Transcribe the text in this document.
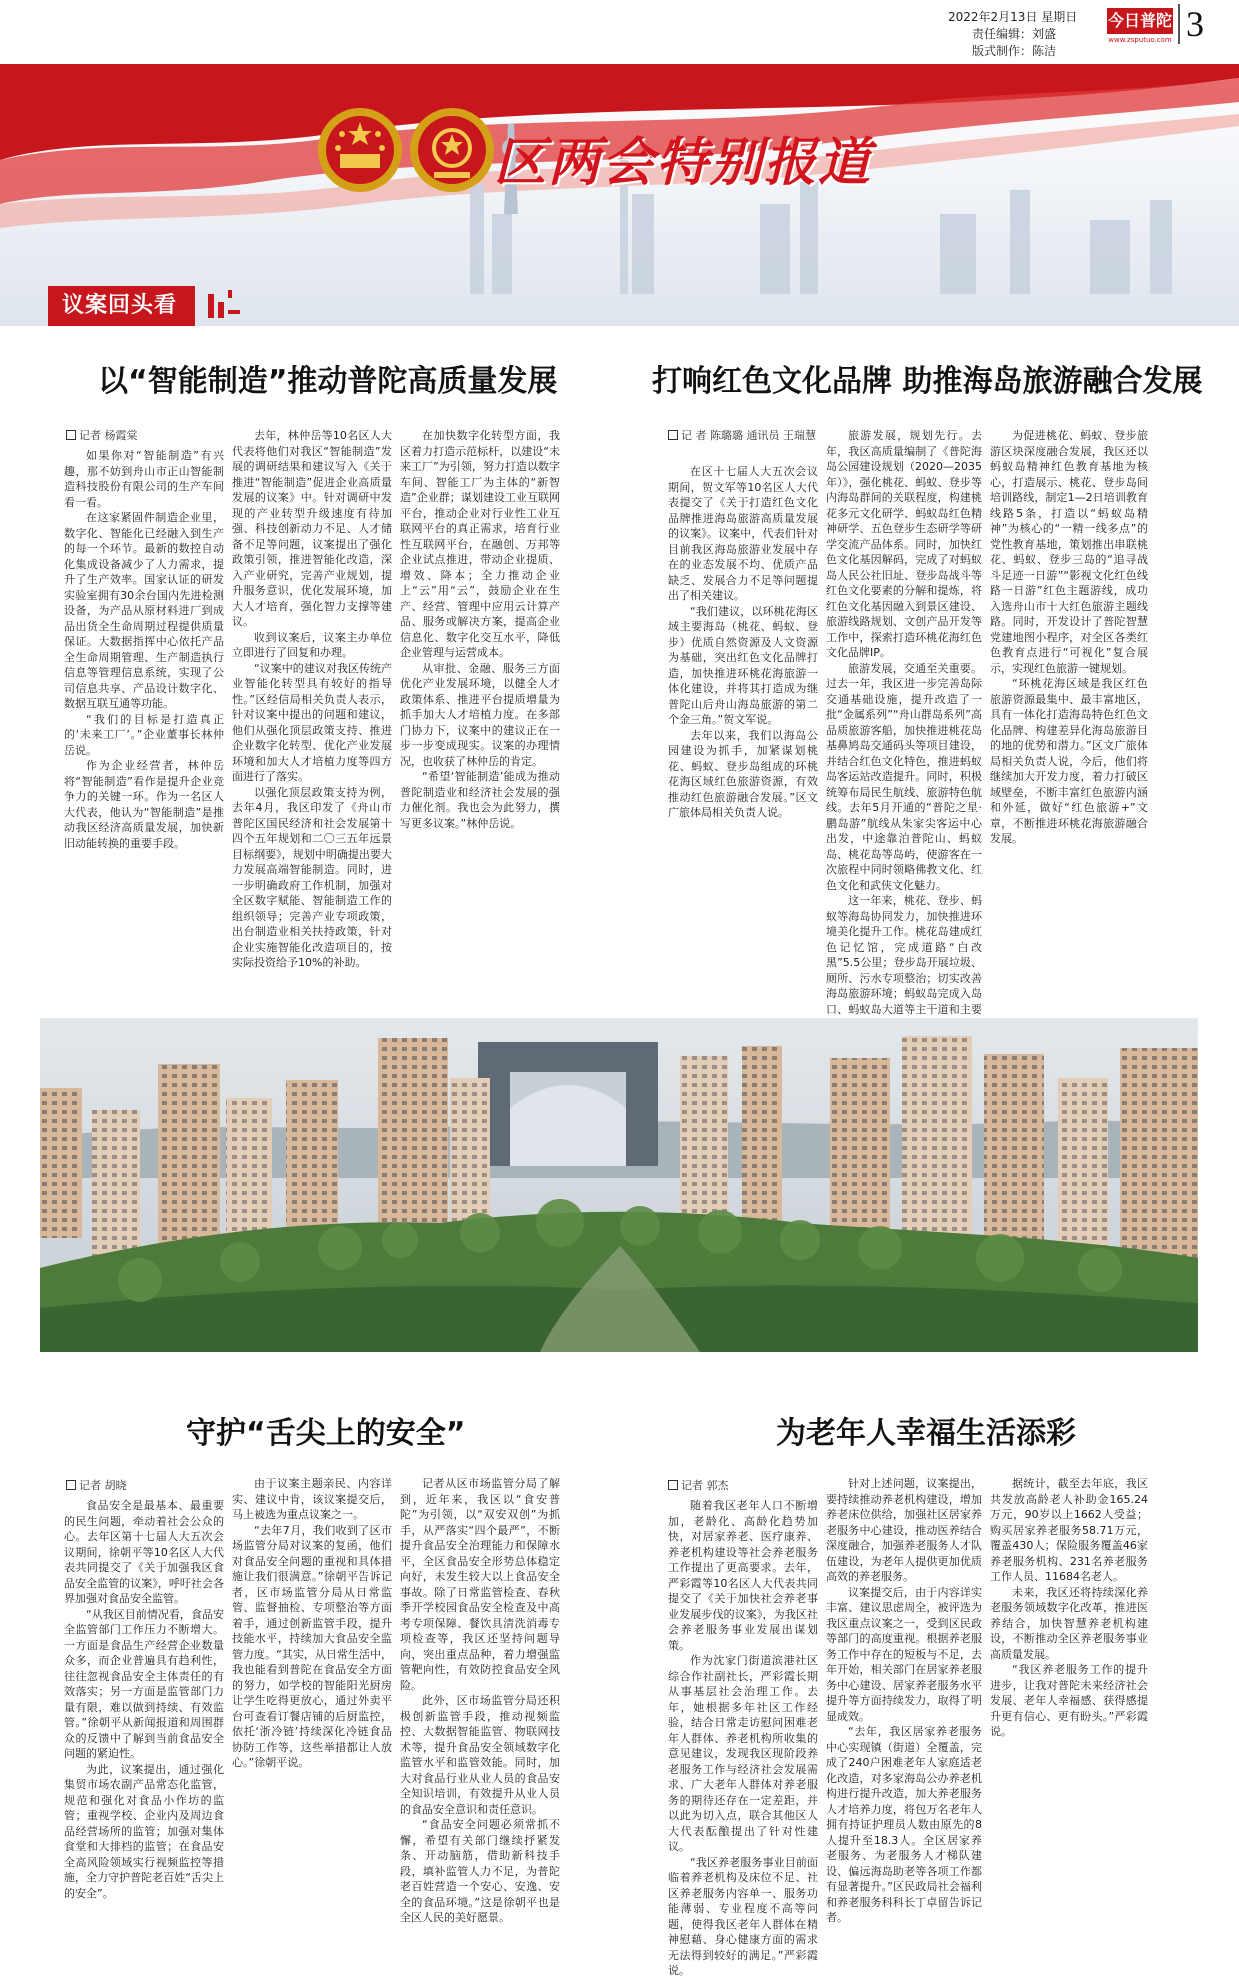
2022年2月13日 星期日
责任编辑：刘盛
版式制作：陈洁
今日普陀
www.zsputuo.com 3
区两会特别报道
议案回头看
以“智能制造”推动普陀高质量发展
记者 杨霞棠

如果你对“智能制造”有兴趣，那不妨到舟山市正山智能制造科技股份有限公司的生产车间看一看。

在这家紧固件制造企业里，数字化、智能化已经融入到生产的每一个环节。最新的数控自动化集成设备减少了人力需求，提升了生产效率。国家认证的研发实验室拥有30余台国内先进检测设备，为产品从原材料进厂到成品出货全生命周期过程提供质量保证。大数据指挥中心依托产品全生命周期管理、生产制造执行信息等管理信息系统，实现了公司信息共享、产品设计数字化、数据互联互通等功能。

“我们的目标是打造真正的‘未来工厂’。”企业董事长林仲岳说。

作为企业经营者，林仲岳将“智能制造”看作是提升企业竞争力的关键一环。作为一名区人大代表，他认为“智能制造”是推动我区经济高质量发展，加快新旧动能转换的重要手段。

去年，林仲岳等10名区人大代表将他们对我区“智能制造”发展的调研结果和建议写入《关于推进“智能制造”促进企业高质量发展的议案》中。针对调研中发现的产业转型升级速度有待加强、科技创新动力不足、人才储备不足等问题，议案提出了强化政策引领，推进智能化改造，深入产业研究，完善产业规划，提升服务意识，优化发展环境，加大人才培育，强化智力支撑等建议。

收到议案后，议案主办单位立即进行了回复和办理。

“议案中的建议对我区传统产业智能化转型具有较好的指导性。”区经信局相关负责人表示，针对议案中提出的问题和建议，他们从强化顶层政策支持、推进企业数字化转型、优化产业发展环境和加大人才培植力度等四方面进行了落实。

以强化顶层政策支持为例，去年4月，我区印发了《舟山市普陀区国民经济和社会发展第十四个五年规划和二〇三五年远景目标纲要》，规划中明确提出要大力发展高端智能制造。同时，进一步明确政府工作机制，加强对全区数字赋能、智能制造工作的组织领导；完善产业专项政策，出台制造业相关扶持政策，针对企业实施智能化改造项目的，按实际投资给予10%的补助。

在加快数字化转型方面，我区着力打造示范标杆，以建设“未来工厂”为引领，努力打造以数字车间、智能工厂为主体的“新智造”企业群；谋划建设工业互联网平台，推动企业对行业性工业互联网平台的真正需求，培育行业性互联网平台，在融创、万邦等企业试点推进，带动企业提质、增效、降本；全力推动企业上“云”用“云”，鼓励企业在生产、经营、管理中应用云计算产品、服务或解决方案，提高企业信息化、数字化交互水平，降低企业管理与运营成本。

从审批、金融、服务三方面优化产业发展环境，以健全人才政策体系、推进平台提质增量为抓手加大人才培植力度。在多部门协力下，议案中的建议正在一步一步变成现实。议案的办理情况，也收获了林仲岳的肯定。

“希望‘智能制造’能成为推动普陀制造业和经济社会发展的强力催化剂。我也会为此努力，撰写更多议案。”林仲岳说。

打响红色文化品牌 助推海岛旅游融合发展
记 者 陈璐璐 通讯员 王瑞慧

在区十七届人大五次会议期间，贺文军等10名区人大代表提交了《关于打造红色文化品牌推进海岛旅游高质量发展的议案》。议案中，代表们针对目前我区海岛旅游业发展中存在的业态发展不均、优质产品缺乏、发展合力不足等问题提出了相关建议。

“我们建议，以环桃花海区域主要海岛（桃花、蚂蚁、登步）优质自然资源及人文资源为基础，突出红色文化品牌打造，加快推进环桃花海旅游一体化建设，并将其打造成为继普陀山后舟山海岛旅游的第二个金三角。”贺文军说。

去年以来，我们以海岛公园建设为抓手，加紧谋划桃花、蚂蚁、登步岛组成的环桃花海区域红色旅游资源，有效推动红色旅游融合发展。”区文广旅体局相关负责人说。

旅游发展，规划先行。去年，我区高质量编制了《普陀海岛公园建设规划（2020—2035年）》，强化桃花、蚂蚁、登步等内海岛群间的关联程度，构建桃花多元文化研学、蚂蚁岛红色精神研学、五色登步生态研学等研学交流产品体系。同时，加快红色文化基因解码，完成了对蚂蚁岛人民公社旧址、登步岛战斗等红色文化要素的分解和提炼，将红色文化基因融入到景区建设、旅游线路规划、文创产品开发等工作中，探索打造环桃花海红色文化品牌IP。

旅游发展，交通至关重要。过去一年，我区进一步完善岛际交通基础设施，提升改造了一批“金属系列”“舟山群岛系列”高品质旅游客船，加快推进桃花岛基鼻鸠岛交通码头等项目建设，并结合红色文化特色，推进蚂蚁岛客运站改造提升。同时，积极统筹布局民生航线、旅游特色航线。去年5月开通的“普陀之星·鹏岛游”航线从朱家尖客运中心出发，中途靠泊普陀山、蚂蚁岛、桃花岛等岛屿，使游客在一次旅程中同时领略佛教文化、红色文化和武侠文化魅力。

这一年来，桃花、登步、蚂蚁等海岛协同发力，加快推进环境美化提升工作。桃花岛建成红色记忆馆，完成道路“白改黑”5.5公里；登步岛开展垃圾、厕所、污水专项整治；切实改善海岛旅游环境；蚂蚁岛完成入岛口、蚂蚁岛大道等主干道和主要

为促进桃花、蚂蚁、登步旅游区块深度融合发展，我区还以蚂蚁岛精神红色教育基地为核心，打造展示、桃花、登步岛间培训路线，制定1—2日培训教育线路5条，打造以“蚂蚁岛精神”为核心的“一精一线多点”的党性教育基地，策划推出串联桃花、蚂蚁、登步三岛的“追寻战斗足迹一日游”“影视文化红色线路一日游”红色主题游线，成功入选舟山市十大红色旅游主题线路。同时，开发设计了普陀智慧党建地图小程序，对全区各类红色教育点进行“可视化”复合展示，实现红色旅游一键规划。

“环桃花海区域是我区红色旅游资源最集中、最丰富地区，具有一体化打造海岛特色红色文化品牌、构建差异化海岛旅游目的地的优势和潜力。”区文广旅体局相关负责人说，今后，他们将继续加大开发力度，着力打破区域壁垒，不断丰富红色旅游内涵和外延，做好“红色旅游+”文章，不断推进环桃花海旅游融合发展。

守护“舌尖上的安全”
记者 胡晓

食品安全是最基本、最重要的民生问题，牵动着社会公众的心。去年区第十七届人大五次会议期间，徐朝平等10名区人大代表共同提交了《关于加强我区食品安全监管的议案》，呼吁社会各界加强对食品安全监管。

“从我区目前情况看，食品安全监管部门工作压力不断增大。一方面是食品生产经营企业数量众多，而企业普遍具有趋利性，往往忽视食品安全主体责任的有效落实；另一方面是监管部门力量有限，难以做到持续、有效监管。”徐朝平从新闻报道和周围群众的反馈中了解到当前食品安全问题的紧迫性。

为此，议案提出，通过强化集贸市场农副产品常态化监管，规范和强化对食品小作坊的监管；重视学校、企业内及周边食品经营场所的监管；加强对集体食堂和大排档的监管；在食品安全高风险领域实行视频监控等措施，全力守护普陀老百姓“舌尖上的安全”。

由于议案主题亲民、内容详实、建议中肯，该议案提交后，马上被选为重点议案之一。

“去年7月，我们收到了区市场监管分局对议案的复函，他们对食品安全问题的重视和具体措施让我们很满意。”徐朝平告诉记者，区市场监管分局从日常监管、监督抽检、专项整治等方面着手，通过创新监管手段，提升技能水平，持续加大食品安全监管力度。“其实，从日常生活中，我也能看到普陀在食品安全方面的努力，如学校的智能阳光厨房让学生吃得更放心，通过外卖平台可查看订餐店铺的后厨监控，依托‘浙冷链’持续深化冷链食品协防工作等，这些举措都让人放心。”徐朝平说。

记者从区市场监管分局了解到，近年来，我区以“食安普陀”为引领，以“双安双创”为抓手，从严落实“四个最严”，不断提升食品安全治理能力和保障水平，全区食品安全形势总体稳定向好，未发生较大以上食品安全事故。除了日常监管检查、春秋季开学校园食品安全检查及中高考专项保障、餐饮具清洗消毒专项检查等，我区还坚持问题导向，突出重点品种，着力增强监管靶向性，有效防控食品安全风险。

此外，区市场监管分局还积极创新监管手段，推动视频监控、大数据智能监管、物联网技术等，提升食品安全领域数字化监管水平和监管效能。同时，加大对食品行业从业人员的食品安全知识培训，有效提升从业人员的食品安全意识和责任意识。

“食品安全问题必须常抓不懈，希望有关部门继续抒紧发条、开动脑筋，借助新科技手段，填补监管人力不足，为普陀老百姓营造一个安心、安逸、安全的食品环境。”这是徐朝平也是全区人民的美好愿景。

为老年人幸福生活添彩
记者 郭杰

随着我区老年人口不断增加，老龄化、高龄化趋势加快，对居家养老、医疗康养、养老机构建设等社会养老服务工作提出了更高要求。去年，严彩霞等10名区人大代表共同提交了《关于加快社会养老事业发展步伐的议案》，为我区社会养老服务事业发展出谋划策。

作为沈家门街道滨港社区综合作社副社长，严彩霞长期从事基层社会治理工作。去年，她根据多年社区工作经验，结合日常走访慰问困难老年人群体、养老机构所收集的意见建议，发现我区现阶段养老服务工作与经济社会发展需求、广大老年人群体对养老服务的期待还存在一定差距，并以此为切入点，联合其他区人大代表酝酿提出了针对性建议。

“我区养老服务事业目前面临着养老机构及床位不足、社区养老服务内容单一、服务功能薄弱、专业程度不高等问题，使得我区老年人群体在精神慰藉、身心健康方面的需求无法得到较好的满足。”严彩霞说。

针对上述问题，议案提出，要持续推动养老机构建设，增加养老床位供给，加强社区居家养老服务中心建设，推动医养结合深度融合，加强养老服务人才队伍建设，为老年人提供更加优质高效的养老服务。

议案提交后，由于内容详实丰富、建议思虑周全，被评选为我区重点议案之一，受到区民政等部门的高度重视。根据养老服务工作中存在的短板与不足，去年开始，相关部门在居家养老服务中心建设、居家养老服务水平提升等方面持续发力，取得了明显成效。

“去年，我区居家养老服务中心实现镇（街道）全覆盖，完成了240户困难老年人家庭适老化改造，对多家海岛公办养老机构进行提升改造，加大养老服务人才培养力度，将包万名老年人拥有持证护理员人数由原先的8人提升至18.3人。全区居家养老服务、为老服务人才梯队建设、偏远海岛助老等各项工作都有显著提升。”区民政局社会福利和养老服务科科长丁卓留告诉记者。

据统计，截至去年底，我区共发放高龄老人补助金165.24万元，90岁以上1662人受益；购买居家养老服务58.71万元，覆盖430人；保险服务覆盖46家养老服务机构、231名养老服务工作人员、11684名老人。

未来，我区还将持续深化养老服务领域数字化改革，推进医养结合，加快智慧养老机构建设，不断推动全区养老服务事业高质量发展。

“我区养老服务工作的提升进步，让我对普陀未来经济社会发展、老年人幸福感、获得感提升更有信心、更有盼头。”严彩霞说。
